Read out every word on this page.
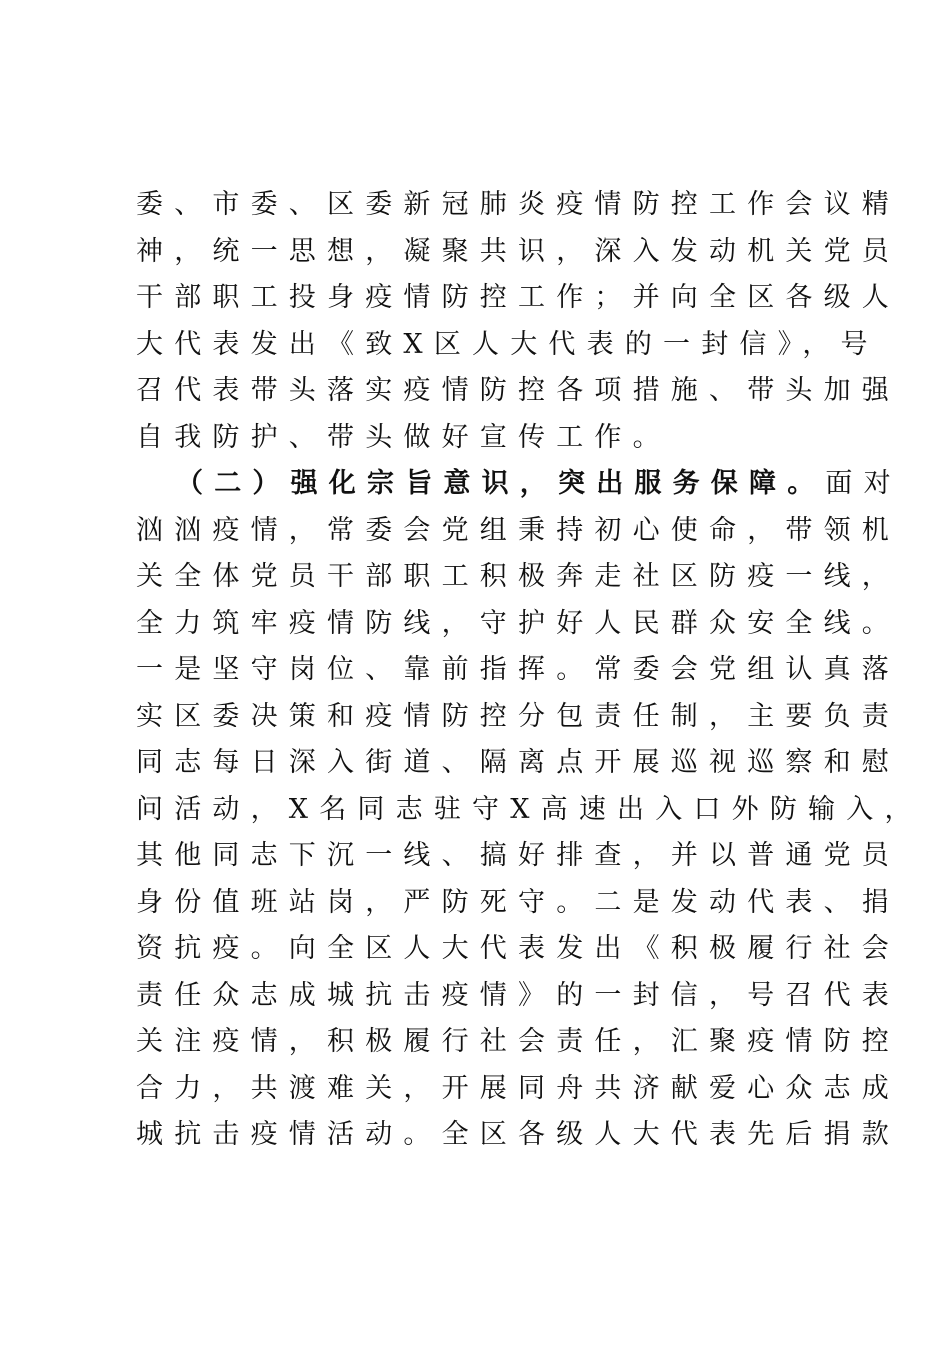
委、市委、区委新冠肺炎疫情防控工作会议精
神，统一思想，凝聚共识，深入发动机关党员
干部职工投身疫情防控工作；并向全区各级人
大代表发出《致X区人大代表的一封信》，号
召代表带头落实疫情防控各项措施、带头加强
自我防护、带头做好宣传工作。
（二）强化宗旨意识，突出服务保障。面对
汹汹疫情，常委会党组秉持初心使命，带领机
关全体党员干部职工积极奔走社区防疫一线，
全力筑牢疫情防线，守护好人民群众安全线。
一是坚守岗位、靠前指挥。常委会党组认真落
实区委决策和疫情防控分包责任制，主要负责
同志每日深入街道、隔离点开展巡视巡察和慰
问活动，X名同志驻守X高速出入口外防输入，
其他同志下沉一线、搞好排查，并以普通党员
身份值班站岗，严防死守。二是发动代表、捐
资抗疫。向全区人大代表发出《积极履行社会
责任众志成城抗击疫情》的一封信，号召代表
关注疫情，积极履行社会责任，汇聚疫情防控
合力，共渡难关，开展同舟共济献爱心众志成
城抗击疫情活动。全区各级人大代表先后捐款
